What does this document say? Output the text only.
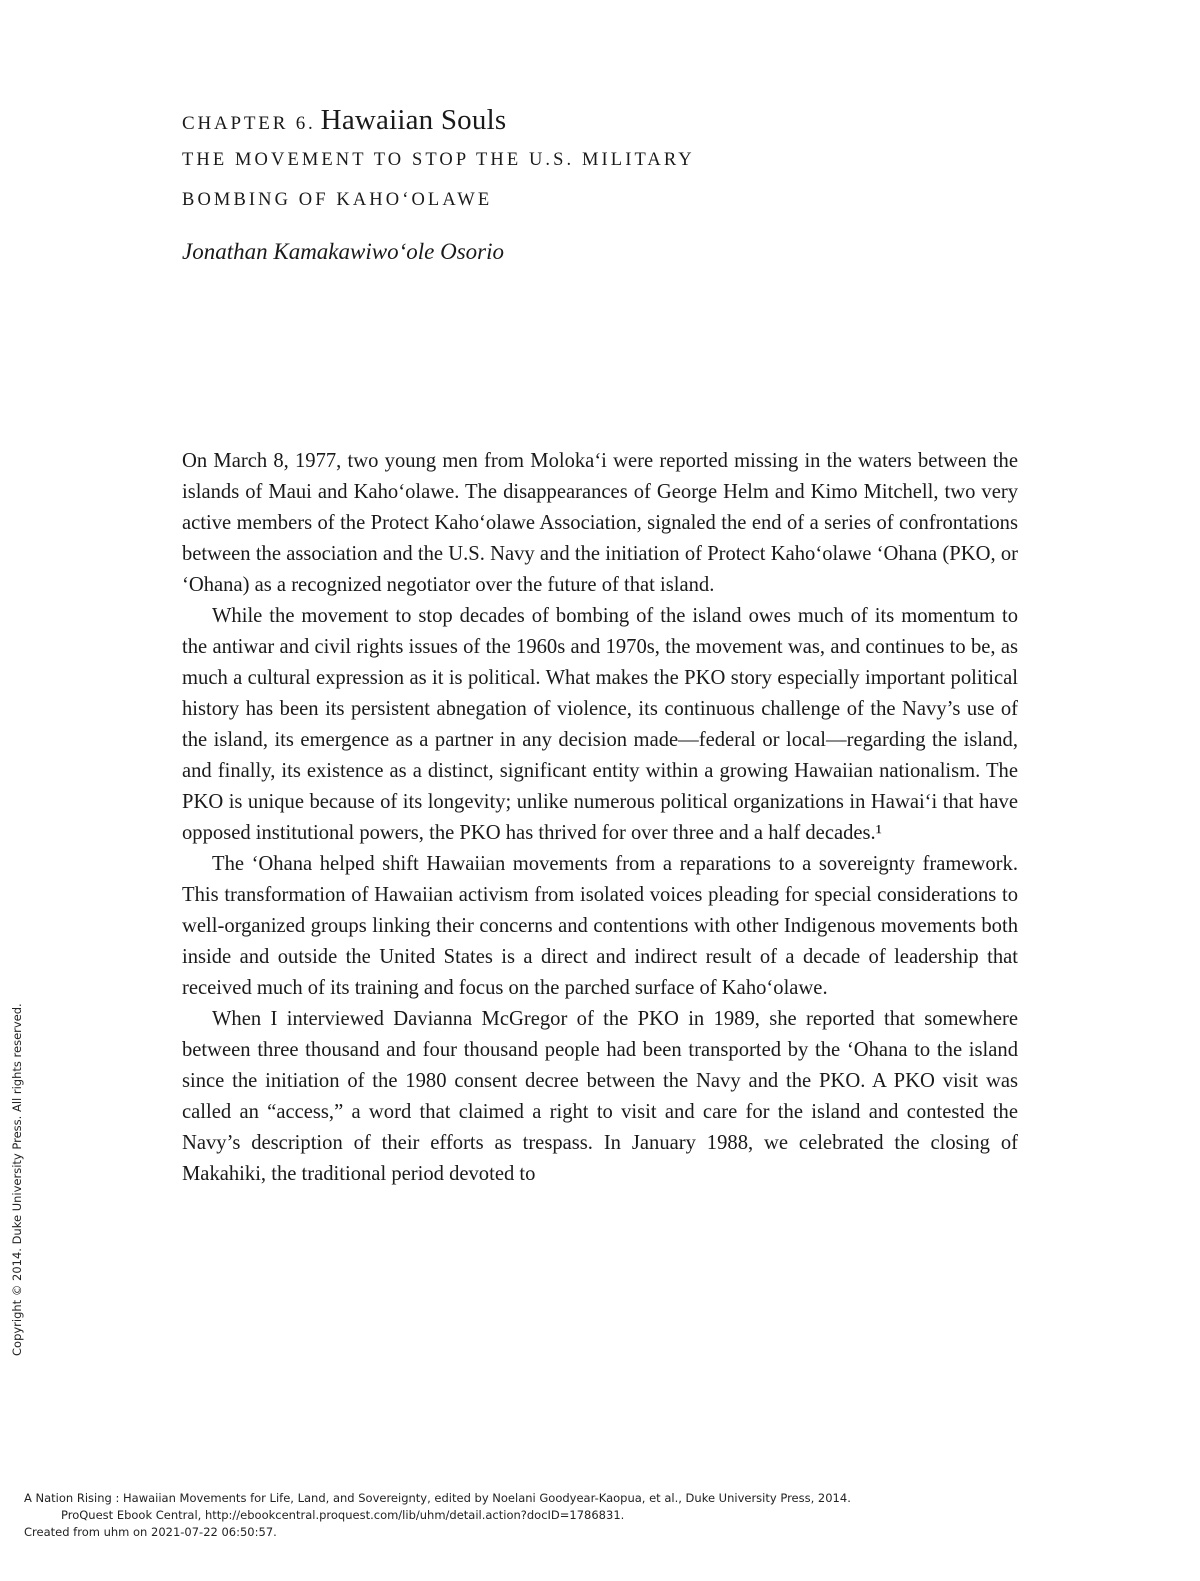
CHAPTER 6. Hawaiian Souls
THE MOVEMENT TO STOP THE U.S. MILITARY
BOMBING OF KAHO‘OLAWE
Jonathan Kamakawiwo‘ole Osorio

On March 8, 1977, two young men from Moloka‘i were reported missing in the waters between the islands of Maui and Kaho‘olawe. The disappearances of George Helm and Kimo Mitchell, two very active members of the Protect Kaho‘olawe Association, signaled the end of a series of confrontations between the association and the U.S. Navy and the initiation of Protect Kaho‘olawe ‘Ohana (PKO, or ‘Ohana) as a recognized negotiator over the future of that island.

While the movement to stop decades of bombing of the island owes much of its momentum to the antiwar and civil rights issues of the 1960s and 1970s, the movement was, and continues to be, as much a cultural expression as it is political. What makes the PKO story especially important political history has been its persistent abnegation of violence, its continuous challenge of the Navy’s use of the island, its emergence as a partner in any decision made—federal or local—regarding the island, and finally, its existence as a distinct, significant entity within a growing Hawaiian nationalism. The PKO is unique because of its longevity; unlike numerous political organizations in Hawai‘i that have opposed institutional powers, the PKO has thrived for over three and a half decades.¹

The ‘Ohana helped shift Hawaiian movements from a reparations to a sovereignty framework. This transformation of Hawaiian activism from isolated voices pleading for special considerations to well-organized groups linking their concerns and contentions with other Indigenous movements both inside and outside the United States is a direct and indirect result of a decade of leadership that received much of its training and focus on the parched surface of Kaho‘olawe.

When I interviewed Davianna McGregor of the PKO in 1989, she reported that somewhere between three thousand and four thousand people had been transported by the ‘Ohana to the island since the initiation of the 1980 consent decree between the Navy and the PKO. A PKO visit was called an “access,” a word that claimed a right to visit and care for the island and contested the Navy’s description of their efforts as trespass. In January 1988, we celebrated the closing of Makahiki, the traditional period devoted to

Copyright © 2014. Duke University Press. All rights reserved.
A Nation Rising : Hawaiian Movements for Life, Land, and Sovereignty, edited by Noelani Goodyear-Kaopua, et al., Duke University Press, 2014.
ProQuest Ebook Central, http://ebookcentral.proquest.com/lib/uhm/detail.action?docID=1786831.
Created from uhm on 2021-07-22 06:50:57.
